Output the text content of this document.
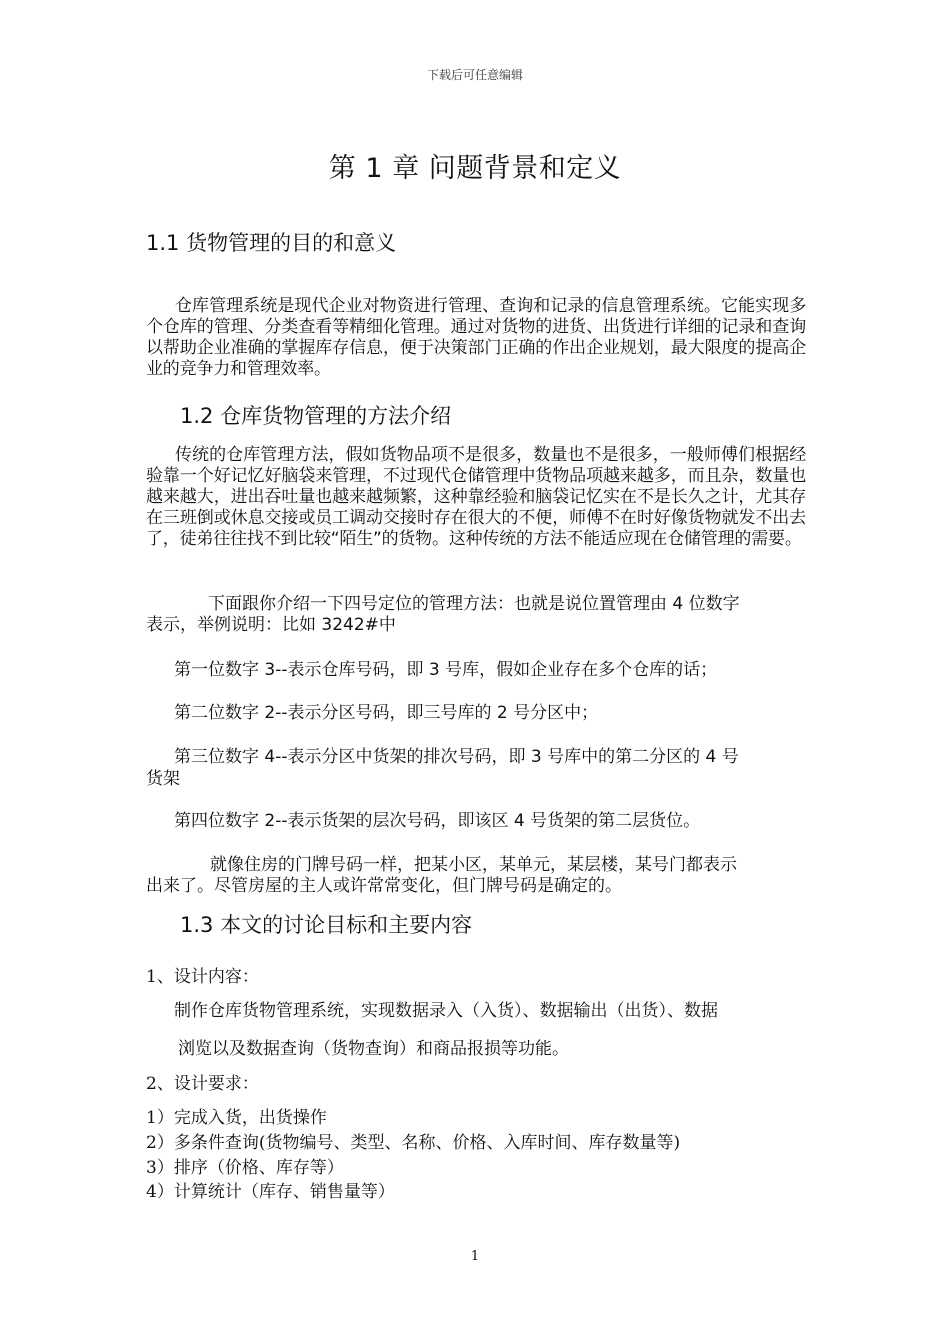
下载后可任意编辑
第 1 章 问题背景和定义
1.1 货物管理的目的和意义

仓库管理系统是现代企业对物资进行管理、查询和记录的信息管理系统。它能实现多个仓库的管理、分类查看等精细化管理。通过对货物的进货、出货进行详细的记录和查询以帮助企业准确的掌握库存信息，便于决策部门正确的作出企业规划，最大限度的提高企业的竞争力和管理效率。

1.2 仓库货物管理的方法介绍

传统的仓库管理方法，假如货物品项不是很多，数量也不是很多，一般师傅们根据经验靠一个好记忆好脑袋来管理，不过现代仓储管理中货物品项越来越多，而且杂，数量也越来越大，进出吞吐量也越来越频繁，这种靠经验和脑袋记忆实在不是长久之计，尤其存在三班倒或休息交接或员工调动交接时存在很大的不便，师傅不在时好像货物就发不出去了，徒弟往往找不到比较“陌生”的货物。这种传统的方法不能适应现在仓储管理的需要。

下面跟你介绍一下四号定位的管理方法：也就是说位置管理由 4 位数字
表示，举例说明：比如 3242#中
第一位数字 3--表示仓库号码，即 3 号库，假如企业存在多个仓库的话；
第二位数字 2--表示分区号码，即三号库的 2 号分区中；
第三位数字 4--表示分区中货架的排次号码，即 3 号库中的第二分区的 4 号
货架
第四位数字 2--表示货架的层次号码，即该区 4 号货架的第二层货位。
就像住房的门牌号码一样，把某小区，某单元，某层楼，某号门都表示
出来了。尽管房屋的主人或许常常变化，但门牌号码是确定的。
1.3 本文的讨论目标和主要内容
1、设计内容：
制作仓库货物管理系统，实现数据录入（入货）、数据输出（出货）、数据
浏览以及数据查询（货物查询）和商品报损等功能。
2、设计要求：
1）完成入货，出货操作
2）多条件查询(货物编号、类型、名称、价格、入库时间、库存数量等)
3）排序（价格、库存等）
4）计算统计（库存、销售量等）
1
